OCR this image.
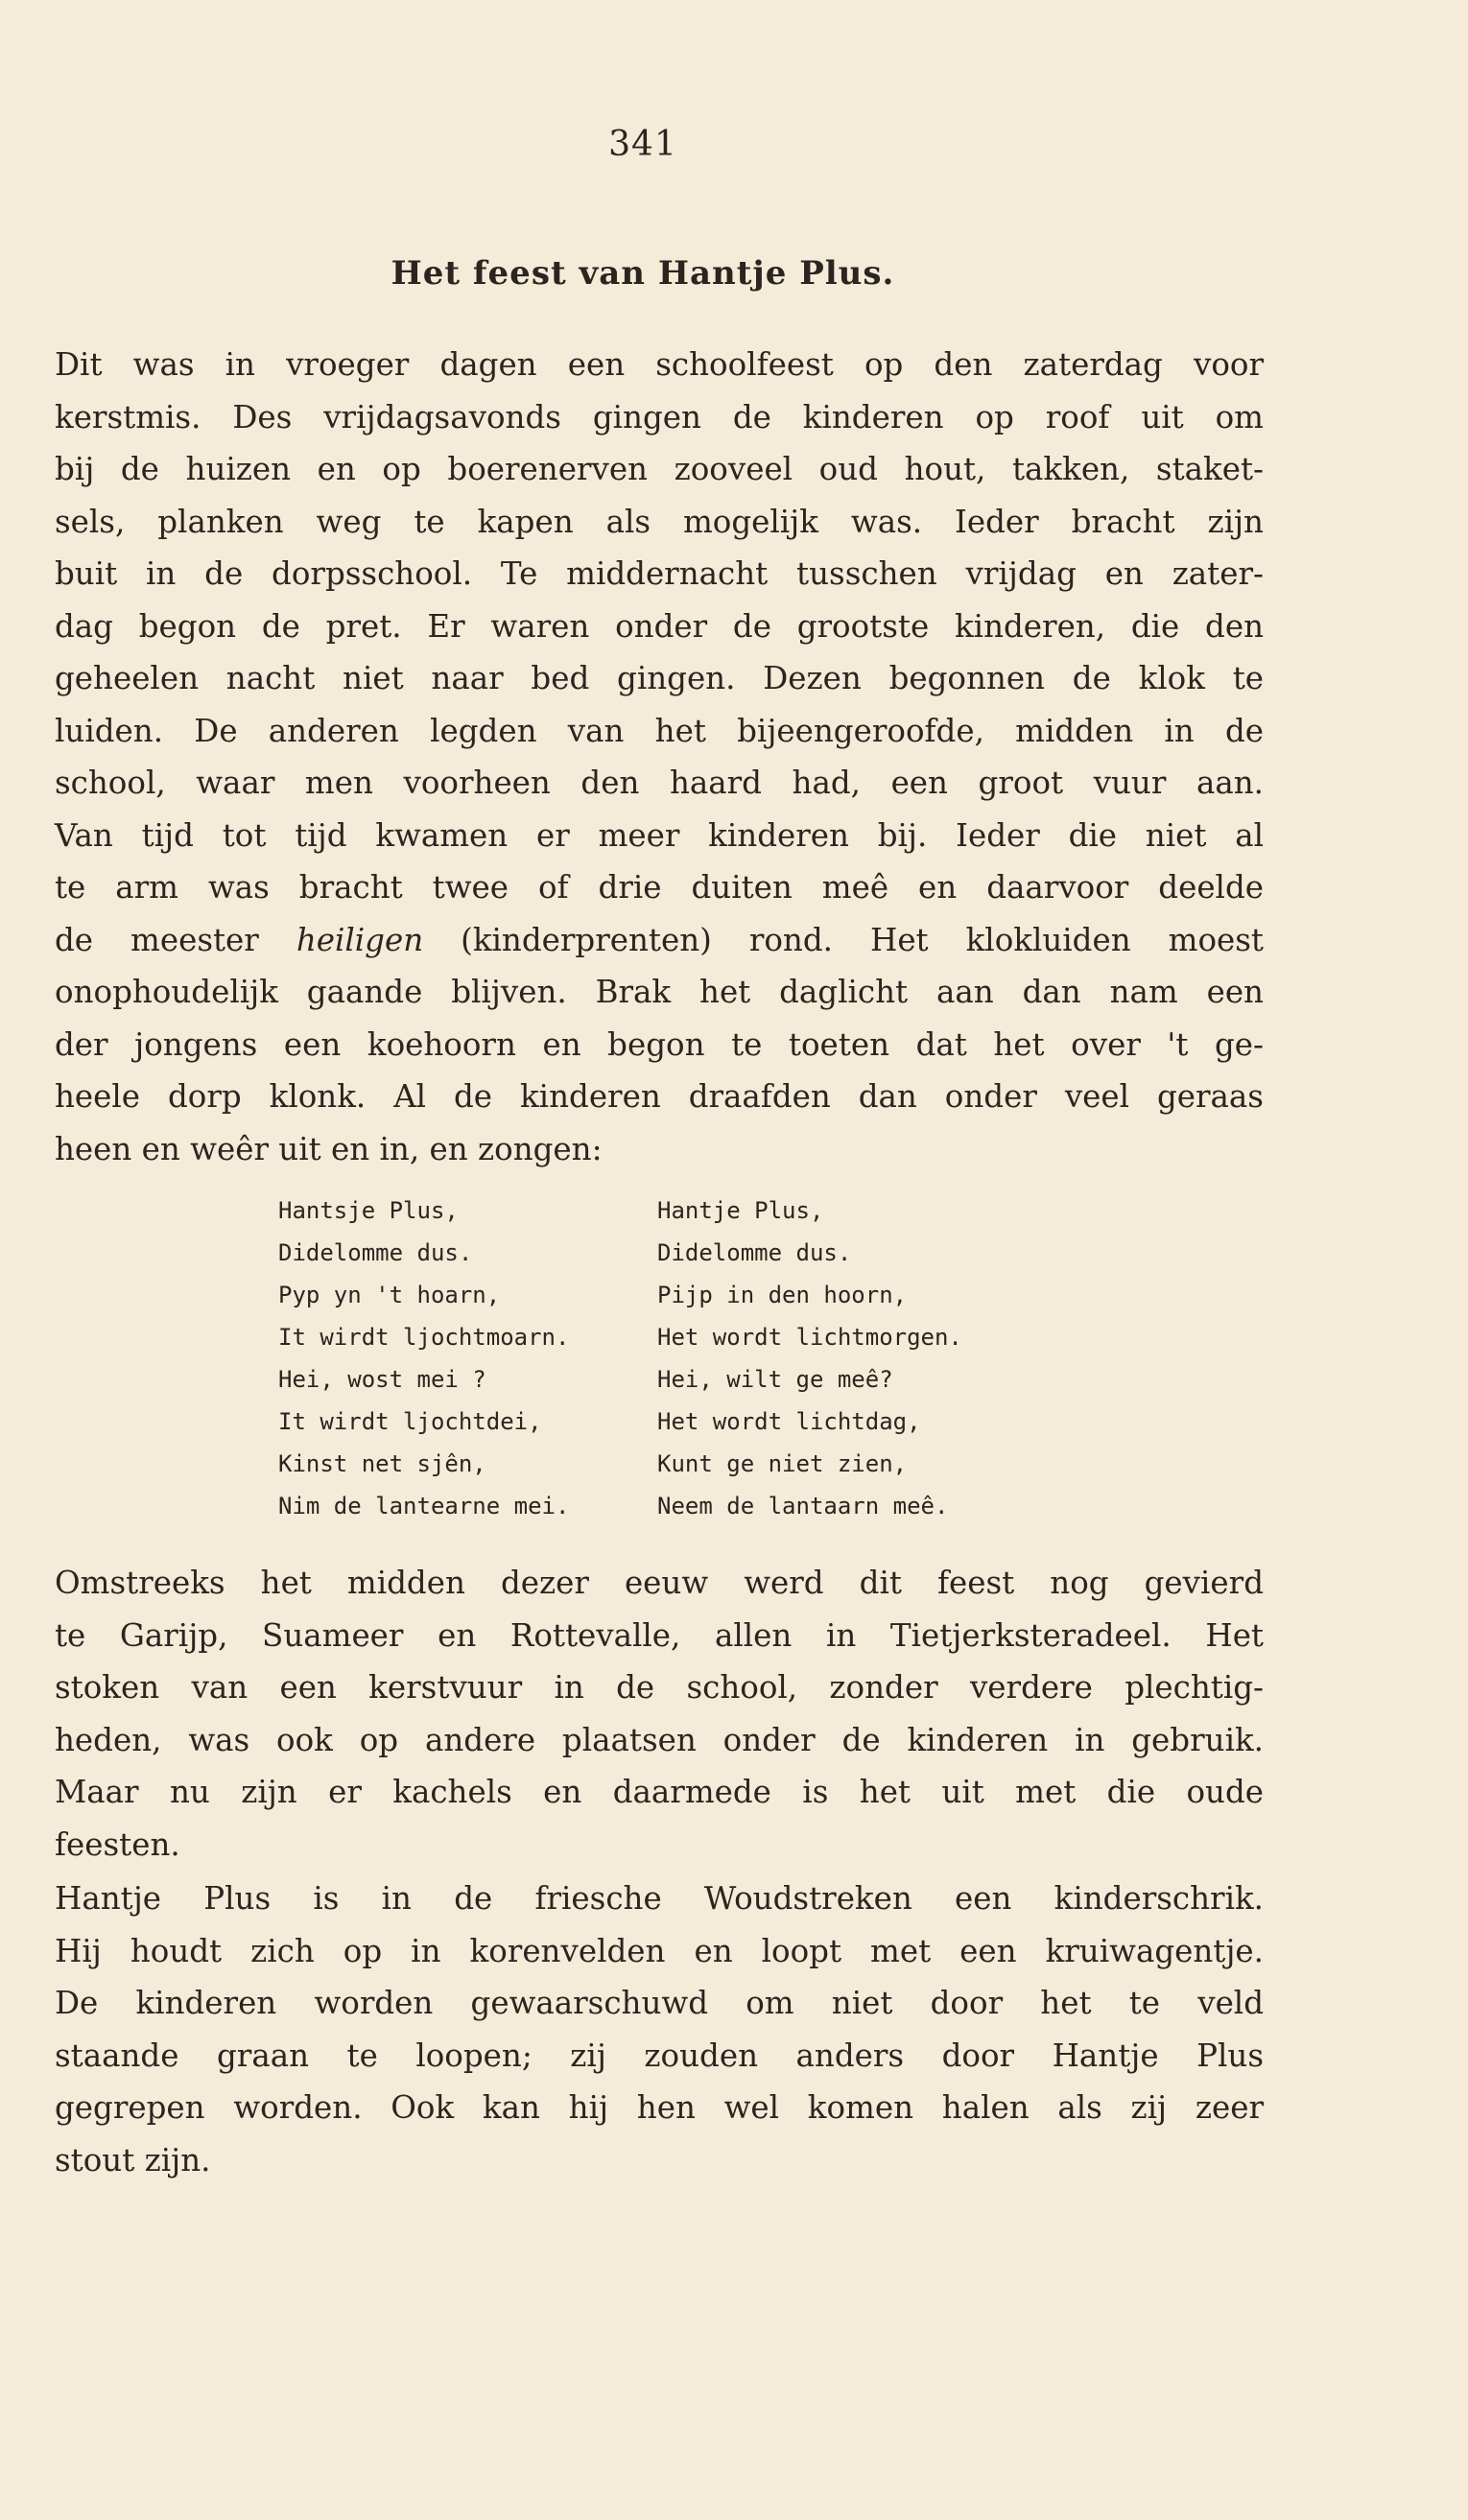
341
Het feest van Hantje Plus.
Dit was in vroeger dagen een schoolfeest op den zaterdag voor
kerstmis. Des vrijdagsavonds gingen de kinderen op roof uit om
bij de huizen en op boerenerven zooveel oud hout, takken, staket-
sels, planken weg te kapen als mogelijk was. Ieder bracht zijn
buit in de dorpsschool. Te middernacht tusschen vrijdag en zater-
dag begon de pret. Er waren onder de grootste kinderen, die den
geheelen nacht niet naar bed gingen. Dezen begonnen de klok te
luiden. De anderen legden van het bijeengeroofde, midden in de
school, waar men voorheen den haard had, een groot vuur aan.
Van tijd tot tijd kwamen er meer kinderen bij. Ieder die niet al
te arm was bracht twee of drie duiten meê en daarvoor deelde
de meester heiligen (kinderprenten) rond. Het klokluiden moest
onophoudelijk gaande blijven. Brak het daglicht aan dan nam een
der jongens een koehoorn en begon te toeten dat het over 't ge-
heele dorp klonk. Al de kinderen draafden dan onder veel geraas
heen en weêr uit en in, en zongen:
Hantsje Plus,
Didelomme dus.
Pyp yn 't hoarn,
It wirdt ljochtmoarn.
Hei, wost mei ?
It wirdt ljochtdei,
Kinst net sjên,
Nim de lantearne mei.
Hantje Plus,
Didelomme dus.
Pijp in den hoorn,
Het wordt lichtmorgen.
Hei, wilt ge meê?
Het wordt lichtdag,
Kunt ge niet zien,
Neem de lantaarn meê.
Omstreeks het midden dezer eeuw werd dit feest nog gevierd
te Garijp, Suameer en Rottevalle, allen in Tietjerksteradeel. Het
stoken van een kerstvuur in de school, zonder verdere plechtig-
heden, was ook op andere plaatsen onder de kinderen in gebruik.
Maar nu zijn er kachels en daarmede is het uit met die oude
feesten.
Hantje Plus is in de friesche Woudstreken een kinderschrik.
Hij houdt zich op in korenvelden en loopt met een kruiwagentje.
De kinderen worden gewaarschuwd om niet door het te veld
staande graan te loopen; zij zouden anders door Hantje Plus
gegrepen worden. Ook kan hij hen wel komen halen als zij zeer
stout zijn.
